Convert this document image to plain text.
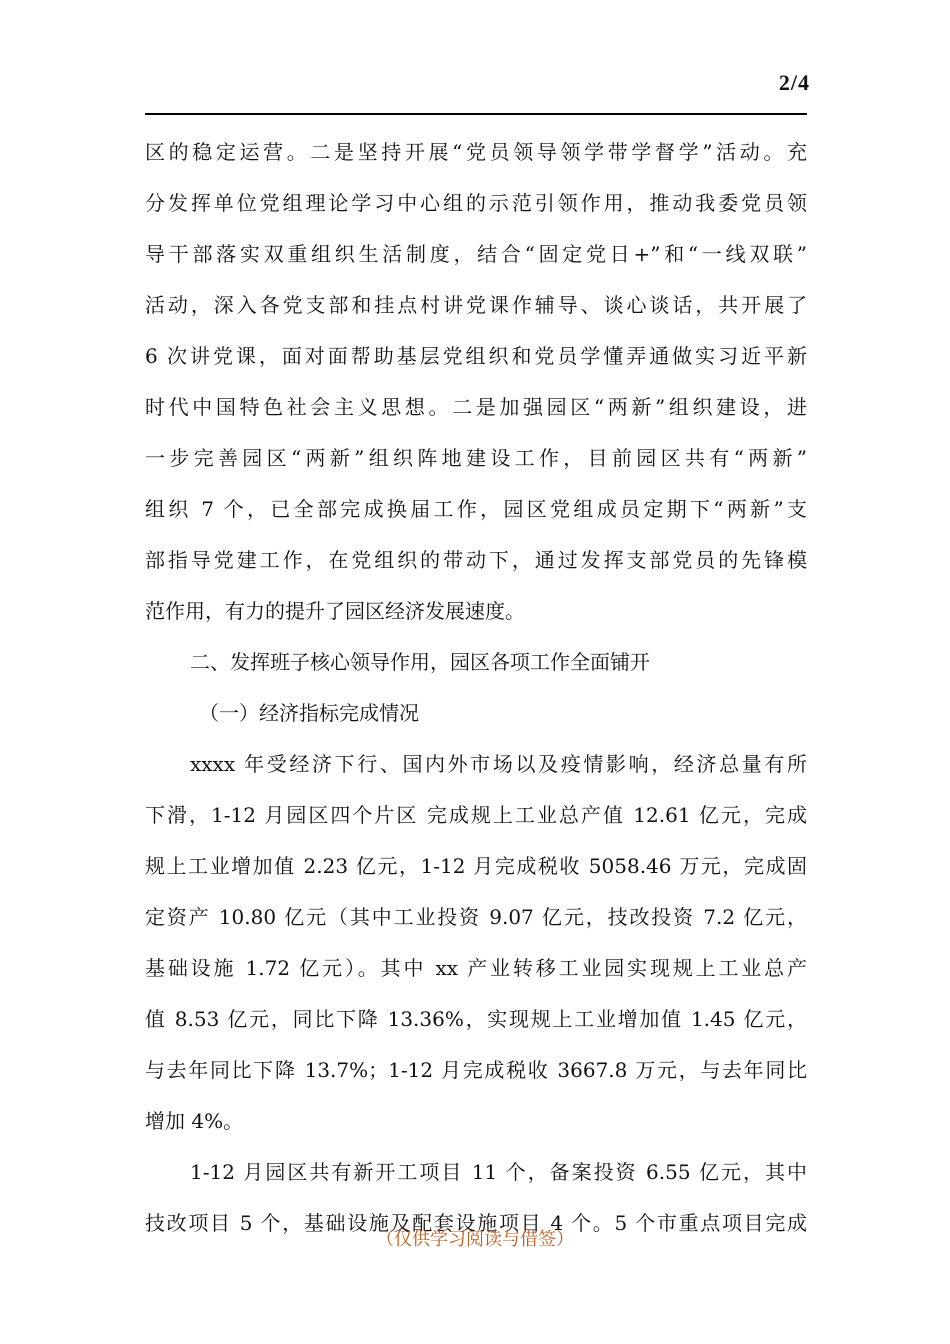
2/4
区的稳定运营。二是坚持开展“党员领导领学带学督学”活动。充
分发挥单位党组理论学习中心组的示范引领作用，推动我委党员领
导干部落实双重组织生活制度，结合“固定党日+”和“一线双联”
活动，深入各党支部和挂点村讲党课作辅导、谈心谈话，共开展了
6 次讲党课，面对面帮助基层党组织和党员学懂弄通做实习近平新
时代中国特色社会主义思想。二是加强园区“两新”组织建设，进
一步完善园区“两新”组织阵地建设工作，目前园区共有“两新”
组织 7 个，已全部完成换届工作，园区党组成员定期下“两新”支
部指导党建工作，在党组织的带动下，通过发挥支部党员的先锋模
范作用，有力的提升了园区经济发展速度。
二、发挥班子核心领导作用，园区各项工作全面铺开
（一）经济指标完成情况
xxxx 年受经济下行、国内外市场以及疫情影响，经济总量有所
下滑，1-12 月园区四个片区 完成规上工业总产值 12.61 亿元，完成
规上工业增加值 2.23 亿元，1-12 月完成税收 5058.46 万元，完成固
定资产 10.80 亿元（其中工业投资 9.07 亿元，技改投资 7.2 亿元，
基础设施 1.72 亿元）。其中 xx 产业转移工业园实现规上工业总产
值 8.53 亿元，同比下降 13.36%，实现规上工业增加值 1.45 亿元，
与去年同比下降 13.7%；1-12 月完成税收 3667.8 万元，与去年同比
增加 4%。
1-12 月园区共有新开工项目 11 个，备案投资 6.55 亿元，其中
技改项目 5 个，基础设施及配套设施项目 4 个。5 个市重点项目完成
（仅供学习阅读与借签）
